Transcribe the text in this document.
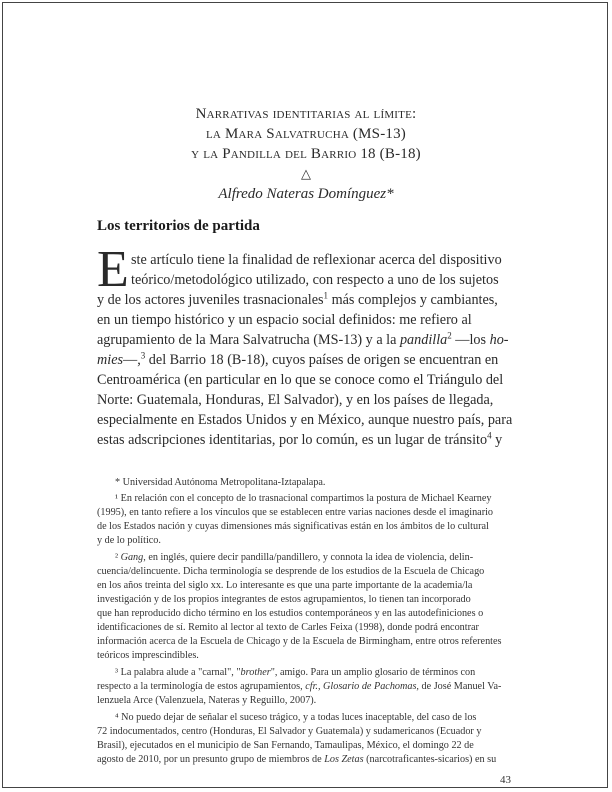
Narrativas identitarias al límite:
la Mara Salvatrucha (MS-13)
y la Pandilla del Barrio 18 (B-18)
△
Alfredo Nateras Domínguez*
Los territorios de partida
E ste artículo tiene la finalidad de reflexionar acerca del dispositivo
teórico/metodológico utilizado, con respecto a uno de los sujetos
y de los actores juveniles trasnacionales$^1$ más complejos y cambiantes,
en un tiempo histórico y un espacio social definidos: me refiero al
agrupamiento de la Mara Salvatrucha (MS-13) y a la pandilla$^2$ —los ho-
mies—,$^3$ del Barrio 18 (B-18), cuyos países de origen se encuentran en
Centroamérica (en particular en lo que se conoce como el Triángulo del
Norte: Guatemala, Honduras, El Salvador), y en los países de llegada,
especialmente en Estados Unidos y en México, aunque nuestro país, para
estas adscripciones identitarias, por lo común, es un lugar de tránsito$^4$ y
* Universidad Autónoma Metropolitana-Iztapalapa.
¹ En relación con el concepto de lo trasnacional compartimos la postura de Michael Kearney
(1995), en tanto refiere a los vínculos que se establecen entre varias naciones desde el imaginario
de los Estados nación y cuyas dimensiones más significativas están en los ámbitos de lo cultural
y de lo político.
² Gang, en inglés, quiere decir pandilla/pandillero, y connota la idea de violencia, delin-
cuencia/delincuente. Dicha terminología se desprende de los estudios de la Escuela de Chicago
en los años treinta del siglo xx. Lo interesante es que una parte importante de la academia/la
investigación y de los propios integrantes de estos agrupamientos, lo tienen tan incorporado
que han reproducido dicho término en los estudios contemporáneos y en las autodefiniciones o
identificaciones de sí. Remito al lector al texto de Carles Feixa (1998), donde podrá encontrar
información acerca de la Escuela de Chicago y de la Escuela de Birmingham, entre otros referentes
teóricos imprescindibles.
³ La palabra alude a "carnal", "brother", amigo. Para un amplio glosario de términos con
respecto a la terminología de estos agrupamientos, cfr., Glosario de Pachomas, de José Manuel Va-
lenzuela Arce (Valenzuela, Nateras y Reguillo, 2007).
⁴ No puedo dejar de señalar el suceso trágico, y a todas luces inaceptable, del caso de los
72 indocumentados, centro (Honduras, El Salvador y Guatemala) y sudamericanos (Ecuador y
Brasil), ejecutados en el municipio de San Fernando, Tamaulipas, México, el domingo 22 de
agosto de 2010, por un presunto grupo de miembros de Los Zetas (narcotraficantes-sicarios) en su
43
